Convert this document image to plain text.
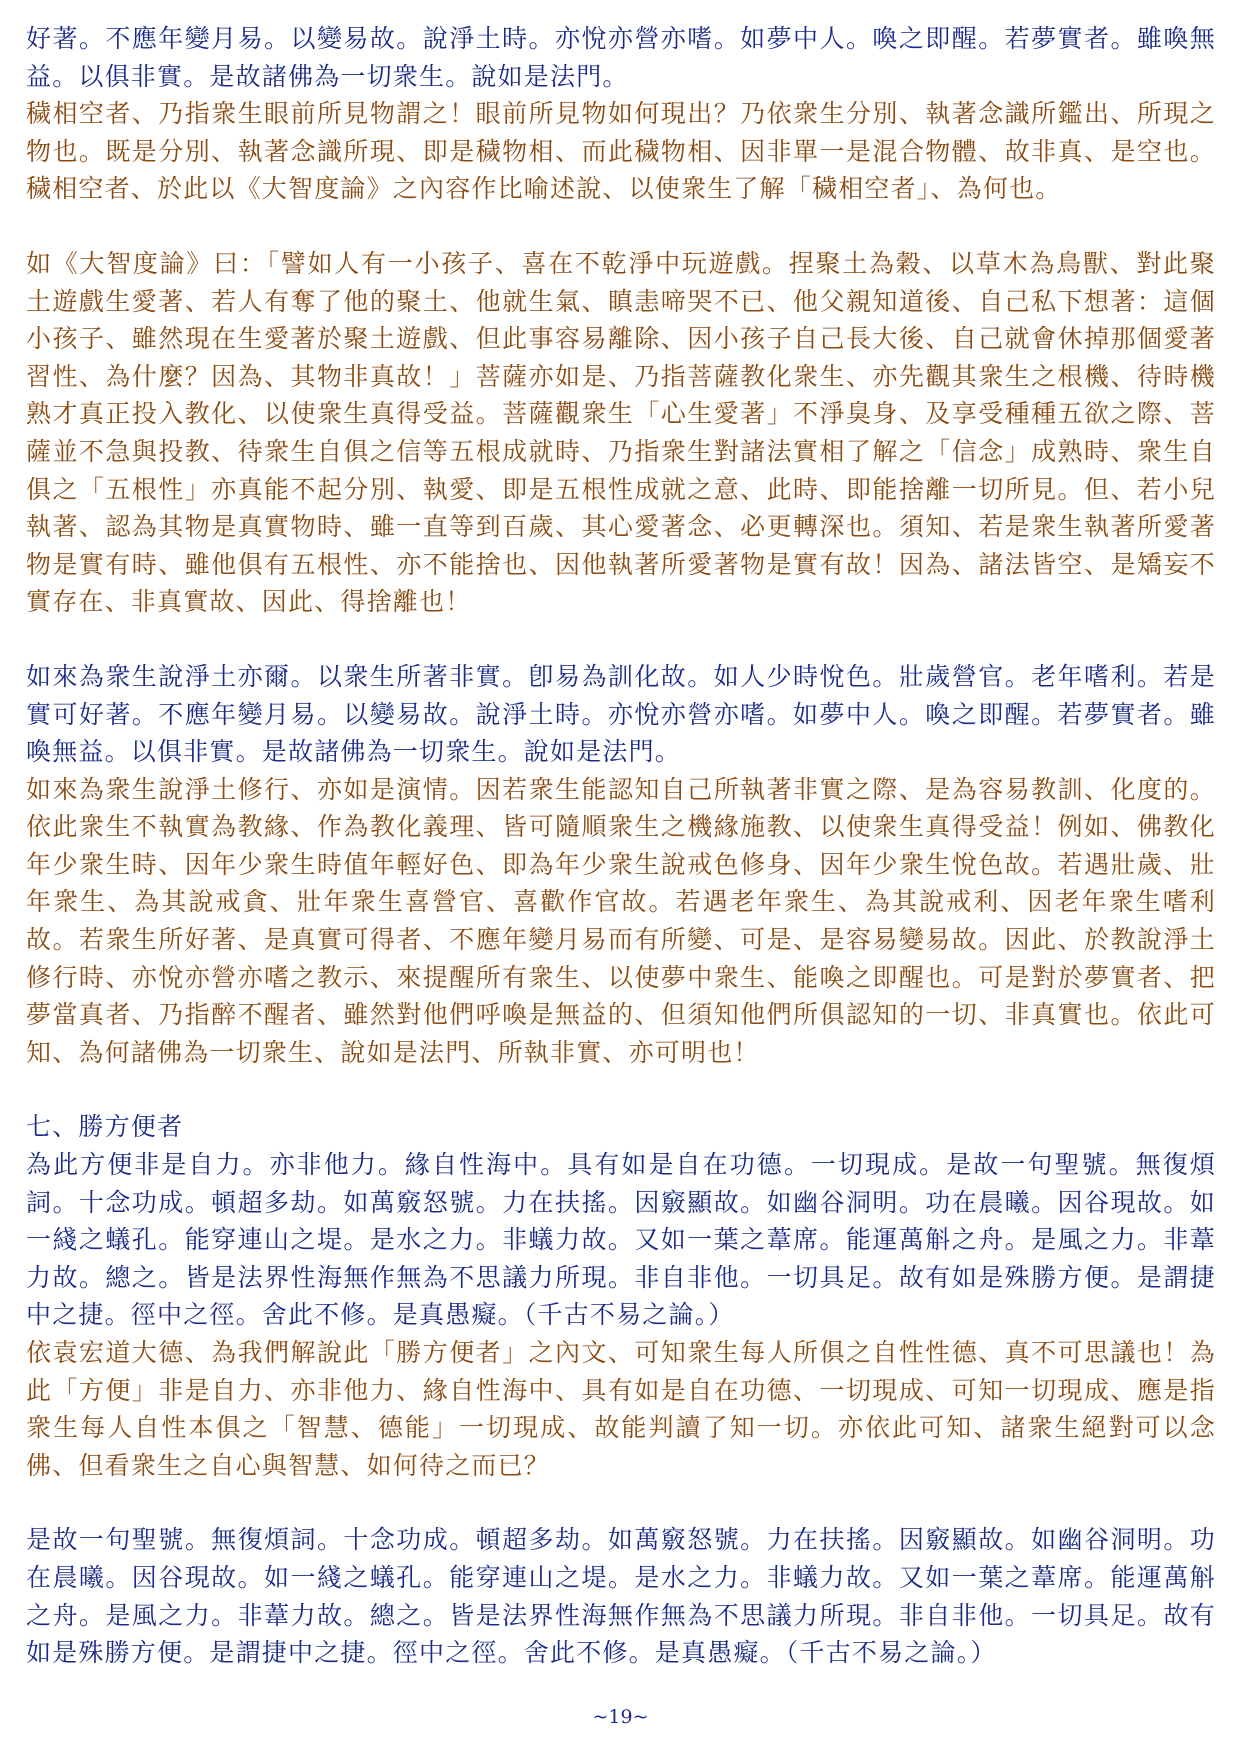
好著。不應年變月易。以變易故。說淨土時。亦悅亦營亦嗜。如夢中人。喚之即醒。若夢實者。雖喚無益。以俱非實。是故諸佛為一切衆生。說如是法門。

穢相空者、乃指衆生眼前所見物謂之！眼前所見物如何現出？乃依衆生分別、執著念識所鑑出、所現之物也。既是分別、執著念識所現、即是穢物相、而此穢物相、因非單一是混合物體、故非真、是空也。穢相空者、於此以《大智度論》之內容作比喻述說、以使衆生了解「穢相空者」、為何也。

如《大智度論》曰：「譬如人有一小孩子、喜在不乾淨中玩遊戲。捏聚土為穀、以草木為鳥獸、對此聚土遊戲生愛著、若人有奪了他的聚土、他就生氣、瞋恚啼哭不已、他父親知道後、自己私下想著：這個小孩子、雖然現在生愛著於聚土遊戲、但此事容易離除、因小孩子自己長大後、自己就會休掉那個愛著習性、為什麼？因為、其物非真故！」菩薩亦如是、乃指菩薩教化衆生、亦先觀其衆生之根機、待時機熟才真正投入教化、以使衆生真得受益。菩薩觀衆生「心生愛著」不淨臭身、及享受種種五欲之際、菩薩並不急與投教、待衆生自俱之信等五根成就時、乃指衆生對諸法實相了解之「信念」成熟時、衆生自俱之「五根性」亦真能不起分別、執愛、即是五根性成就之意、此時、即能捨離一切所見。但、若小兒執著、認為其物是真實物時、雖一直等到百歲、其心愛著念、必更轉深也。須知、若是衆生執著所愛著物是實有時、雖他俱有五根性、亦不能捨也、因他執著所愛著物是實有故！因為、諸法皆空、是矯妄不實存在、非真實故、因此、得捨離也！

如來為衆生說淨土亦爾。以衆生所著非實。卽易為訓化故。如人少時悅色。壯歲營官。老年嗜利。若是實可好著。不應年變月易。以變易故。說淨土時。亦悅亦營亦嗜。如夢中人。喚之即醒。若夢實者。雖喚無益。以俱非實。是故諸佛為一切衆生。說如是法門。

如來為衆生說淨土修行、亦如是演情。因若衆生能認知自己所執著非實之際、是為容易教訓、化度的。依此衆生不執實為教緣、作為教化義理、皆可隨順衆生之機緣施教、以使衆生真得受益！例如、佛教化年少衆生時、因年少衆生時值年輕好色、即為年少衆生說戒色修身、因年少衆生悅色故。若遇壯歲、壯年衆生、為其說戒貪、壯年衆生喜營官、喜歡作官故。若遇老年衆生、為其說戒利、因老年衆生嗜利故。若衆生所好著、是真實可得者、不應年變月易而有所變、可是、是容易變易故。因此、於教說淨土修行時、亦悅亦營亦嗜之教示、來提醒所有衆生、以使夢中衆生、能喚之即醒也。可是對於夢實者、把夢當真者、乃指醉不醒者、雖然對他們呼喚是無益的、但須知他們所俱認知的一切、非真實也。依此可知、為何諸佛為一切衆生、說如是法門、所執非實、亦可明也！

七、勝方便者

為此方便非是自力。亦非他力。緣自性海中。具有如是自在功德。一切現成。是故一句聖號。無復煩詞。十念功成。頓超多劫。如萬竅怒號。力在扶搖。因竅顯故。如幽谷洞明。功在晨曦。因谷現故。如一綫之蟻孔。能穿連山之堤。是水之力。非蟻力故。又如一葉之葦席。能運萬斛之舟。是風之力。非葦力故。總之。皆是法界性海無作無為不思議力所現。非自非他。一切具足。故有如是殊勝方便。是謂捷中之捷。徑中之徑。舍此不修。是真愚癡。（千古不易之論。）

依袁宏道大德、為我們解說此「勝方便者」之內文、可知衆生每人所俱之自性性德、真不可思議也！為此「方便」非是自力、亦非他力、緣自性海中、具有如是自在功德、一切現成、可知一切現成、應是指衆生每人自性本俱之「智慧、德能」一切現成、故能判讀了知一切。亦依此可知、諸衆生絕對可以念佛、但看衆生之自心與智慧、如何待之而已？

是故一句聖號。無復煩詞。十念功成。頓超多劫。如萬竅怒號。力在扶搖。因竅顯故。如幽谷洞明。功在晨曦。因谷現故。如一綫之蟻孔。能穿連山之堤。是水之力。非蟻力故。又如一葉之葦席。能運萬斛之舟。是風之力。非葦力故。總之。皆是法界性海無作無為不思議力所現。非自非他。一切具足。故有如是殊勝方便。是謂捷中之捷。徑中之徑。舍此不修。是真愚癡。（千古不易之論。）

~19~
